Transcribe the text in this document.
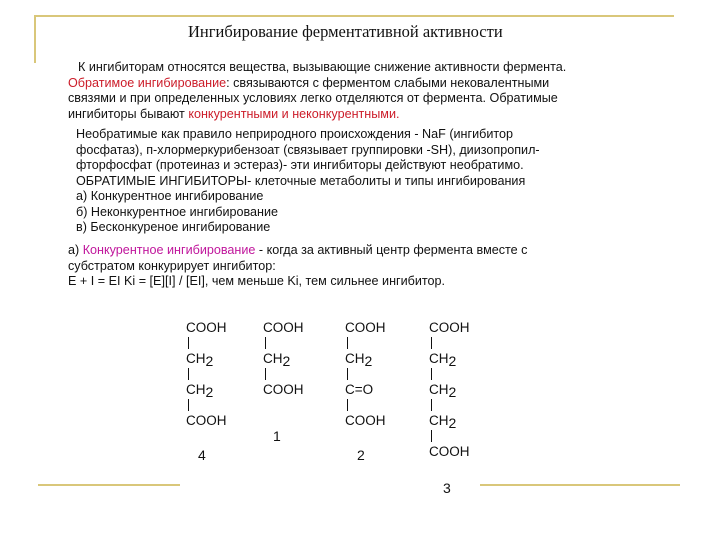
Ингибирование ферментативной активности
К ингибиторам относятся вещества, вызывающие снижение активности фермента.
Обратимое ингибирование: связываются с ферментом слабыми нековалентными
связями и при определенных условиях легко отделяются от фермента. Обратимые
ингибиторы бывают конкурентными и неконкурентными.
Необратимые как правило неприродного происхождения - NaF (ингибитор
фосфатаз), п-хлормеркурибензоат (связывает группировки -SH), диизопропил-
фторфосфат (протеиназ и эстераз)- эти ингибиторы действуют необратимо.
ОБРАТИМЫЕ ИНГИБИТОРЫ- клеточные метаболиты и типы ингибирования
а) Конкурентное ингибирование
б) Неконкурентное ингибирование
в) Бесконкуреное ингибирование
а) Конкурентное ингибирование - когда за активный центр фермента вместе с
субстратом конкурирует ингибитор:
E + I = EI Ki = [E][I] / [EI], чем меньше Ki, тем сильнее ингибитор.
COOH
$CH_2$
$CH_2$
COOH
4
COOH
$CH_2$
COOH
1
COOH
$CH_2$
C=O
COOH
2
COOH
$CH_2$
$CH_2$
$CH_2$
COOH
3
